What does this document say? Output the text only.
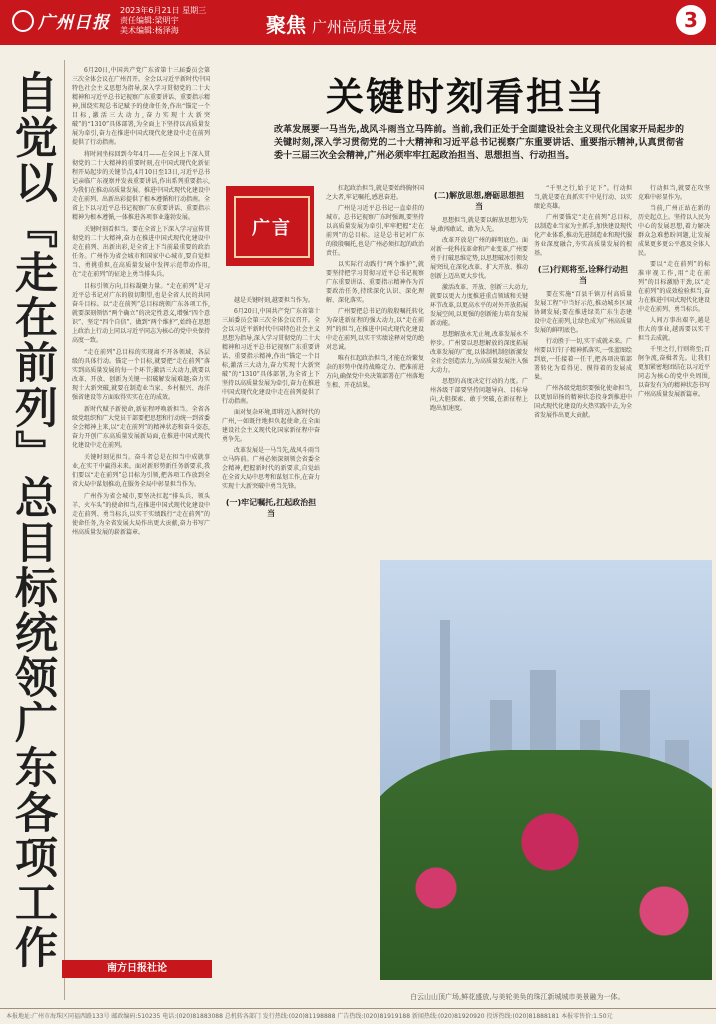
广州日报
2023年6月21日 星期三
责任编辑:梁明宇
美术编辑:杨泽海	聚焦 广州高质量发展	3
自觉以『走在前列』总目标统领广东各项工作	6月20日,中国共产党广东省第十三届委员会第三次全体会议在广州召开。全会以习近平新时代中国特色社会主义思想为指导,深入学习贯彻党的二十大精神和习近平总书记视察广东重要讲话、重要指示精神,围绕实现总书记赋予的使命任务,作出“锚定一个目标,激活三大动力,奋力实现十大新突破”的“1310”具体部署,为全面上下坚持以高质量发展为牵引,奋力在推进中国式现代化建设中走在前列提供了行动指南。

将时间坐标回到今年4月——在全国上下深入贯彻党的二十大精神的重要时刻,在中国式现代化新征程开局起步的关键节点,4月10日至13日,习近平总书记亲临广东视察并发表重要讲话,作出系列重要指示,为我们在推动高质量发展、推进中国式现代化建设中走在前列、出新出彩提供了根本遵循和行动指南。全省上下以习近平总书记视察广东重要讲话、重要指示精神为根本遵循,一体推进各项事业蓬勃发展。

关键时刻看担当。要在全省上下深入学习宣传贯彻党的二十大精神,奋力在推进中国式现代化建设中走在前列、出新出彩,是全省上下当前最重要的政治任务。广州作为省会城市和国家中心城市,要自觉担当、勇挑重担,在高质量发展中发挥示范带动作用,在“走在前列”的征途上勇当排头兵。

目标引领方向,目标凝聚力量。“走在前列”是习近平总书记对广东的殷切期望,也是全省人民的共同奋斗目标。以“走在前列”总目标统领广东各项工作,就要深刻领悟“两个确立”的决定性意义,增强“四个意识”、坚定“四个自信”、做到“两个维护”,始终在思想上政治上行动上同以习近平同志为核心的党中央保持高度一致。

“走在前列”总目标的实现离不开各领域、各层级的具体行动。锚定一个目标,就要把“走在前列”落实到高质量发展的每一个环节;激活三大动力,就要以改革、开放、创新为关键一招破解发展难题;奋力实现十大新突破,就要在制造业当家、乡村振兴、海洋强省建设等方面取得实实在在的成效。

新时代赋予新使命,新征程呼唤新担当。全省各级党组织和广大党员干部要把思想和行动统一到省委全会精神上来,以“走在前列”的精神状态和奋斗姿态,奋力开创广东高质量发展新局面,在推进中国式现代化建设中走在前列。

关键时刻见担当。奋斗者总是在担当中成就事业,在实干中赢得未来。面对新形势新任务新要求,我们要以“走在前列”总目标为引领,把各项工作放到全省大局中谋划推动,在服务全局中彰显担当作为。

广州作为省会城市,要坚决扛起“排头兵、领头羊、火车头”的使命担当,在推进中国式现代化建设中走在前列、勇当标兵,以实干实绩践行“走在前列”的使命任务,为全省发展大局作出更大贡献,奋力书写广州高质量发展的崭新篇章。

南方日报社论
关键时刻看担当
改革发展要一马当先,战风斗雨当立马阵前。当前,我们正处于全面建设社会主义现代化国家开局起步的关键时刻,深入学习贯彻党的二十大精神和习近平总书记视察广东重要讲话、重要指示精神,认真贯彻省委十三届三次全会精神,广州必须牢牢扛起政治担当、思想担当、行动担当。
广言

越是关键时刻,越要担当作为。

6月20日,中国共产党广东省第十三届委员会第三次全体会议召开。全会以习近平新时代中国特色社会主义思想为指导,深入学习贯彻党的二十大精神和习近平总书记视察广东重要讲话、重要指示精神,作出“锚定一个目标,激活三大动力,奋力实现十大新突破”的“1310”具体部署,为全省上下坚持以高质量发展为牵引,奋力在推进中国式现代化建设中走在前列提供了行动指南。

面对复杂环境,即将迈入新时代的广州,一如既往地担负起使命,在全面建设社会主义现代化国家新征程中奋勇争先。

改革发展是一马当先,战风斗雨当立马阵前。广州必须深刻领会省委全会精神,把握新时代的新要求,自觉站在全省大局中思考和谋划工作,在奋力实现十大新突破中勇当先锋。

(一)牢记嘱托,扛起政治担当

扛起政治担当,就是要始终胸怀国之大者,牢记嘱托,感恩奋进。

广州是习近平总书记一直牵挂的城市。总书记视察广东时强调,要坚持以高质量发展为牵引,牢牢把握“走在前列”的总目标。这是总书记对广东的殷殷嘱托,也是广州必须扛起的政治责任。

以实际行动践行“两个维护”,就要坚持把学习贯彻习近平总书记视察广东重要讲话、重要指示精神作为首要政治任务,持续深化认识、深化理解、深化落实。

广州要把总书记的殷殷嘱托转化为奋进新征程的强大动力,以“走在前列”的担当,在推进中国式现代化建设中走在前列,以实干实绩诠释对党的绝对忠诚。

唯有扛起政治担当,才能在纷繁复杂的形势中保持战略定力、把准前进方向,确保党中央决策部署在广州落地生根、开花结果。

(二)解放思想,磨砺思想担当

思想担当,就是要以解放思想为先导,敢闯敢试、敢为人先。

改革开放是广州的鲜明底色。面对新一轮科技革命和产业变革,广州要勇于打破思维定势,以思想破冰引领发展突围,在深化改革、扩大开放、推动创新上迈出更大步伐。

激活改革、开放、创新三大动力,就要以更大力度推进重点领域和关键环节改革,以更高水平的对外开放拓展发展空间,以更强的创新能力培育发展新动能。

思想解放永无止境,改革发展永不停步。广州要以思想解放的深度拓展改革发展的广度,以体制机制创新激发全社会创造活力,为高质量发展注入强大动力。

思想的高度决定行动的力度。广州各级干部要坚持问题导向、目标导向,大胆探索、敢于突破,在新征程上跑出加速度。

“千里之行,始于足下”。行动担当,就是要在真抓实干中见行动、以实绩论英雄。

广州要锚定“走在前列”总目标,以制造业当家为主抓手,加快建设现代化产业体系,推动先进制造业和现代服务业深度融合,夯实高质量发展的根基。

(三)行则将至,诠释行动担当

要在实施“百县千镇万村高质量发展工程”中当好示范,推动城乡区域协调发展;要在推进绿美广东生态建设中走在前列,让绿色成为广州高质量发展的鲜明底色。

行动胜于一切,实干成就未来。广州要以钉钉子精神抓落实,一张蓝图绘到底,一任接着一任干,把各项决策部署转化为看得见、摸得着的发展成果。

广州各级党组织要强化使命担当,以更加昂扬的精神状态投身到推进中国式现代化建设的火热实践中去,为全省发展作出更大贡献。

行动担当,就要在攻坚克难中彰显作为。

当前,广州正站在新的历史起点上。坚持以人民为中心的发展思想,着力解决群众急难愁盼问题,让发展成果更多更公平惠及全体人民。

要以“走在前列”的标准审视工作,用“走在前列”的目标激励干劲,以“走在前列”的成效检验担当,奋力在推进中国式现代化建设中走在前列、勇当标兵。

人间万事出艰辛,越是伟大的事业,越需要以实干担当去成就。

千里之行,行则将至;百舸争流,奋楫者先。让我们更加紧密地团结在以习近平同志为核心的党中央周围,以奋发有为的精神状态书写广州高质量发展新篇章。

白云山山顶广场,鲜花盛放,与美轮美奂的珠江新城城市美景融为一体。
本报地址:广州市海珠区同福西路133号 邮政编码:510235 电话:(020)81883088 总机转各部门 发行热线:(020)81198888 广告热线:(020)81919188 新闻热线:(020)81920920 投诉热线:(020)81888181 本报零售价:1.50元
